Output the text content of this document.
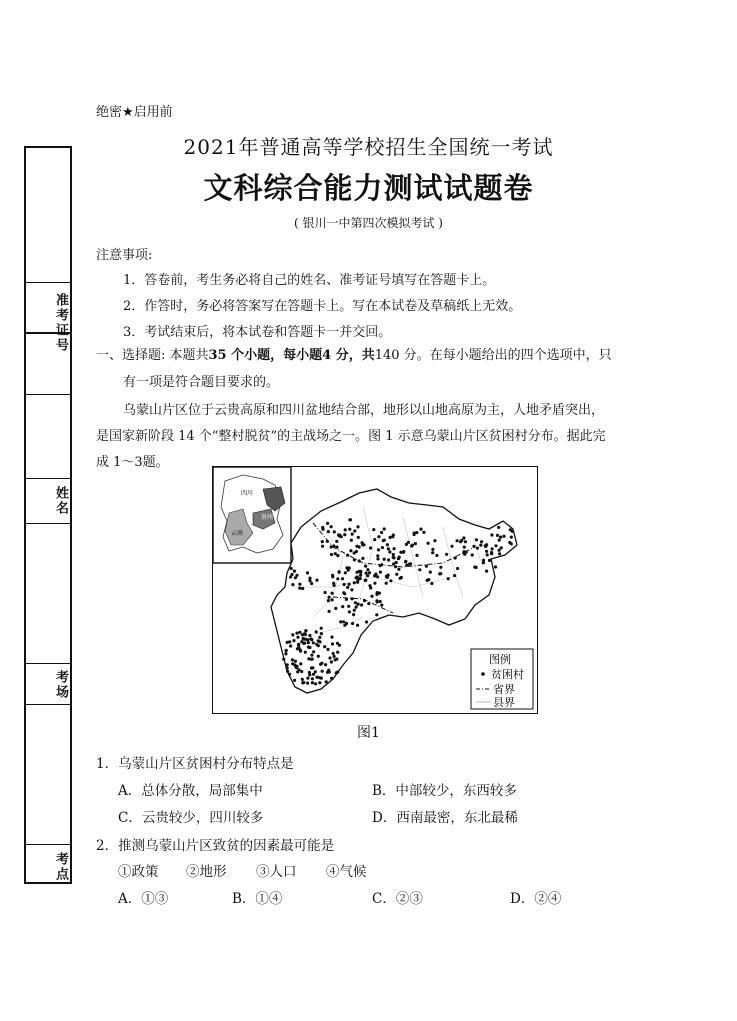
准考证号
姓名
考场
考点
绝密★启用前
2021年普通高等学校招生全国统一考试
文科综合能力测试试题卷
( 银川一中第四次模拟考试 )
注意事项:
1．答卷前，考生务必将自己的姓名、准考证号填写在答题卡上。
2．作答时，务必将答案写在答题卡上。写在本试卷及草稿纸上无效。
3．考试结束后，将本试卷和答题卡一并交回。
一、选择题: 本题共35 个小题，每小题4 分，共140 分。在每小题给出的四个选项中，只
有一项是符合题目要求的。
乌蒙山片区位于云贵高原和四川盆地结合部，地形以山地高原为主，人地矛盾突出，
是国家新阶段 14 个“整村脱贫”的主战场之一。图 1 示意乌蒙山片区贫困村分布。据此完
成 1～3题。
四川
贵州
云南
图例
贫困村
省界
县界
图1
1．乌蒙山片区贫困村分布特点是
A．总体分散，局部集中	B．中部较少，东西较多
C．云贵较少，四川较多	D．西南最密，东北最稀
2．推测乌蒙山片区致贫的因素最可能是
①政策 ②地形 ③人口 ④气候
A．①③	B．①④	C．②③	D．②④
